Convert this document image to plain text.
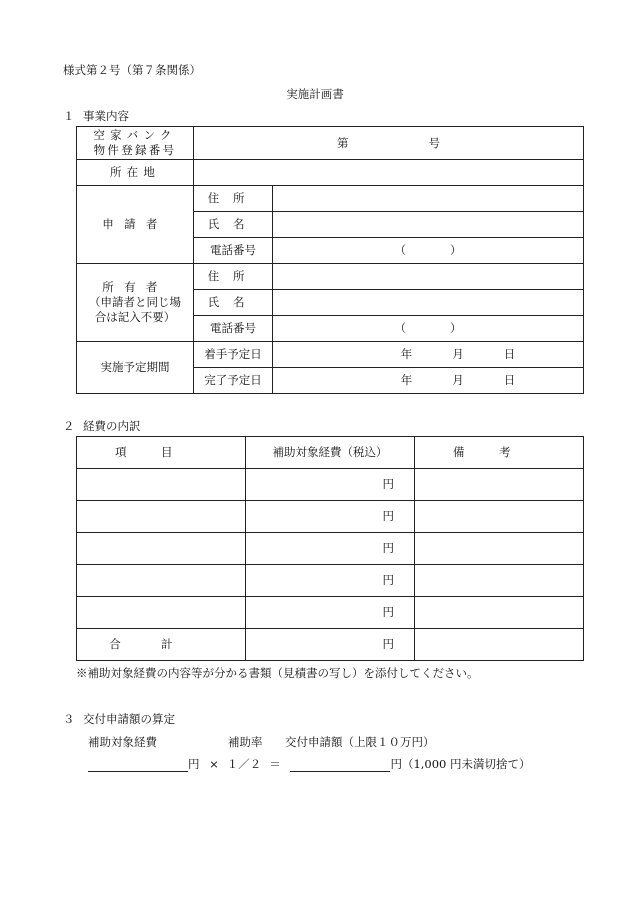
様式第２号（第７条関係）
実施計画書
１ 事業内容
空家バンク
物件登録番号	第 号	
所在地		
申請者	住所	
	氏名	
	電話番号	（ ）

所有者
（申請者と同じ場
合は記入不要）	住所	
	氏名	
	電話番号	（ ）
実施予定期間	着手予定日	年 月 日
	完了予定日	年 月 日
２ 経費の内訳
項目	補助対象経費（税込）	備考
	円	
	円	
	円	
	円	
	円	
合計	円	
※補助対象経費の内容等が分かる書類（見積書の写し）を添付してください。
３ 交付申請額の算定
補助対象経費	補助率 交付申請額（上限１０万円）
円 × １／２ ＝	円（1,000 円未満切捨て）
